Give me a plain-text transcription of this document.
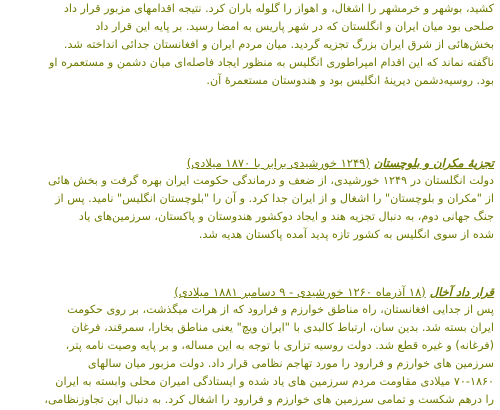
کشید، بوشهر و خرمشهر را اشغال، و اهواز را گلوله باران کرد. نتیجه اقدامهای مزبور قرار داد

صلحی بود میان ایران و انگلستان که در شهر پاریس به امضا رسید. بر پایه این قرار داد

بخش‌هائی از شرق ایران بزرگ تجزیه گردید. میان مردم ایران و افغانستان جدائی انداخته شد.

ناگفته نماند که این اقدام امپراطوری انگلیس به منظور ایجاد فاصله‌ای میان دشمن و مستعمره او

بود. روسیه‌دشمن دیرینهٔ انگلیس بود و هندوستان مستعمرهٔ آن.

تجزیهٔ مکران و بلوچستان (۱۲۴۹ خورشیدی برابر با ۱۸۷۰ میلادی)

دولت انگلستان در ۱۲۴۹ خورشیدی، از ضعف و درماندگی حکومت ایران بهره گرفت و بخش هائی

از "مکران و بلوچستان" را اشغال و از ایران جدا کرد. و آن را "بلوچستان انگلیس" نامید. پس از

جنگ جهانی دوم، به دنبال تجزیه هند و ایجاد دوکشور هندوستان و پاکستان، سرزمین‌های یاد

شده از سوی انگلیس به کشور تازه پدید آمده پاکستان هدیه شد.

قرار داد آخال (۱۸ آذرماه ۱۲۶۰ خورشیدی - ۹ دسامبر ۱۸۸۱ میلادی)

پس از جدایی افغانستان، راه مناطق خوارزم و فرارود که از هرات میگذشت، بر روی حکومت

ایران بسته شد. بدین سان، ارتباط کالبدی با "ایران ویچ" یعنی مناطق بخارا، سمرقند، فرغان

(فرغانه) و غیره قطع شد. دولت روسیه تزاری با توجه به این مساله، و بر پایه وصیت نامه پتر،

سرزمین های خوارزم و فرارود را مورد تهاجم نظامی قرار داد. دولت مزبور میان سالهای

۷۰-۱۸۶۰ میلادی مقاومت مردم سرزمین های یاد شده و ایستادگی امیران محلی وابسته به ایران

را درهم شکست و تمامی سرزمین های خوارزم و فرارود را اشغال کرد. به دنبال این تجاوزنظامی،
